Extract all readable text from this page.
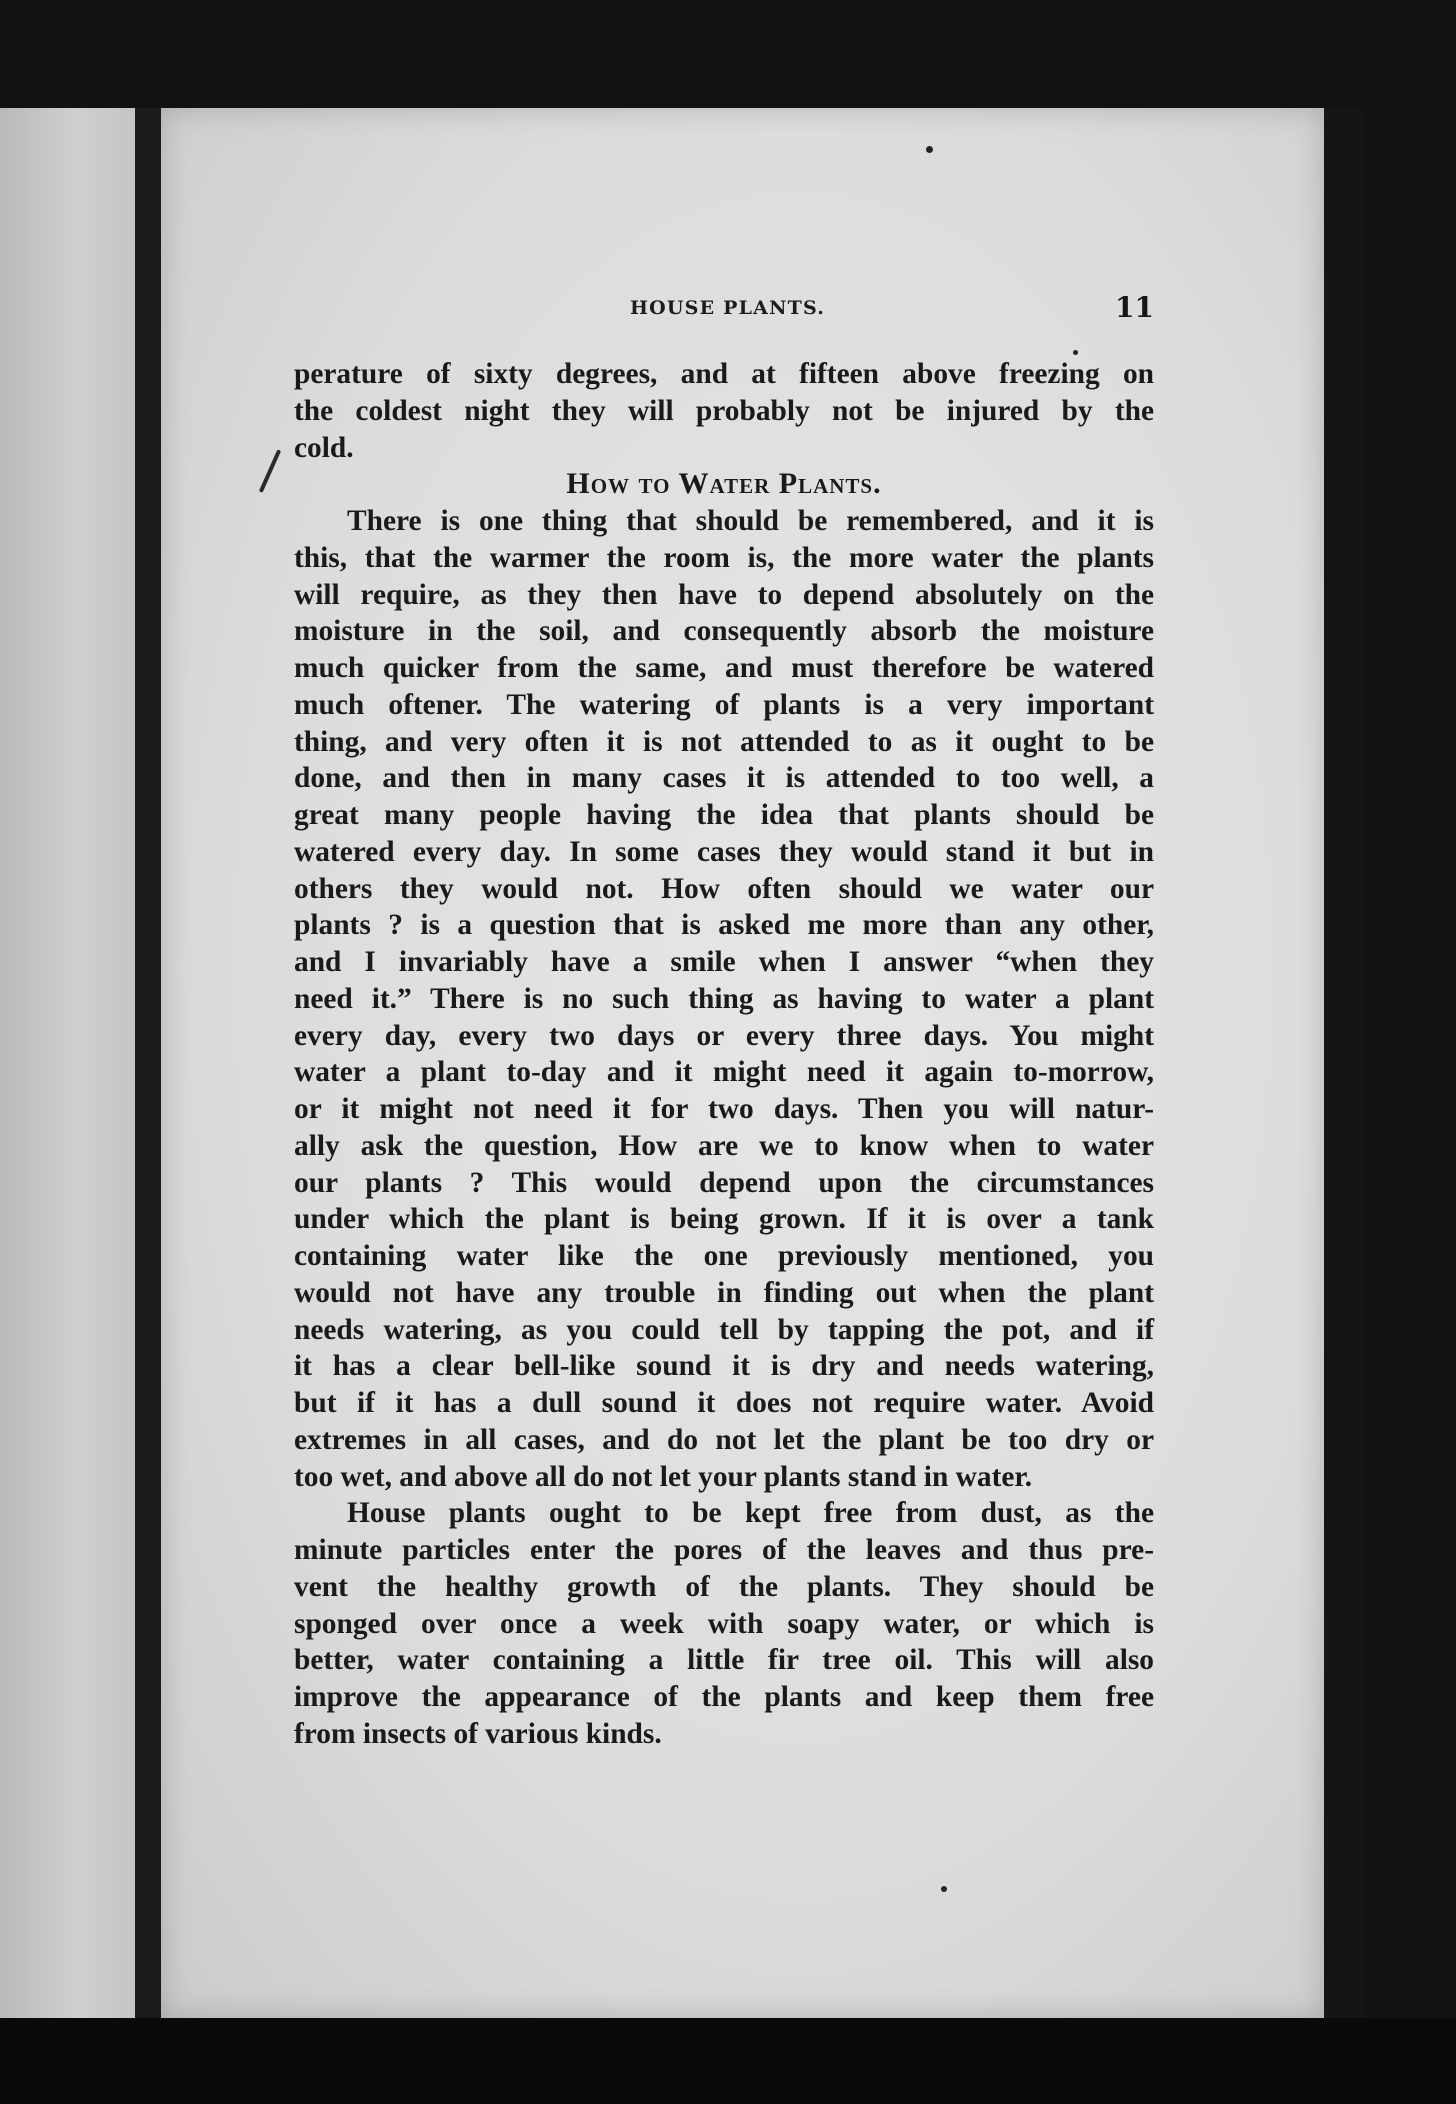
HOUSE PLANTS.	11
perature of sixty degrees, and at fifteen above freezing on
the coldest night they will probably not be injured by the
cold.
How to Water Plants.
There is one thing that should be remembered, and it is
this, that the warmer the room is, the more water the plants
will require, as they then have to depend absolutely on the
moisture in the soil, and consequently absorb the moisture
much quicker from the same, and must therefore be watered
much oftener. The watering of plants is a very important
thing, and very often it is not attended to as it ought to be
done, and then in many cases it is attended to too well, a
great many people having the idea that plants should be
watered every day. In some cases they would stand it but in
others they would not. How often should we water our
plants ? is a question that is asked me more than any other,
and I invariably have a smile when I answer “when they
need it.” There is no such thing as having to water a plant
every day, every two days or every three days. You might
water a plant to-day and it might need it again to-morrow,
or it might not need it for two days. Then you will natur-
ally ask the question, How are we to know when to water
our plants ? This would depend upon the circumstances
under which the plant is being grown. If it is over a tank
containing water like the one previously mentioned, you
would not have any trouble in finding out when the plant
needs watering, as you could tell by tapping the pot, and if
it has a clear bell-like sound it is dry and needs watering,
but if it has a dull sound it does not require water. Avoid
extremes in all cases, and do not let the plant be too dry or
too wet, and above all do not let your plants stand in water.
House plants ought to be kept free from dust, as the
minute particles enter the pores of the leaves and thus pre-
vent the healthy growth of the plants. They should be
sponged over once a week with soapy water, or which is
better, water containing a little fir tree oil. This will also
improve the appearance of the plants and keep them free
from insects of various kinds.
